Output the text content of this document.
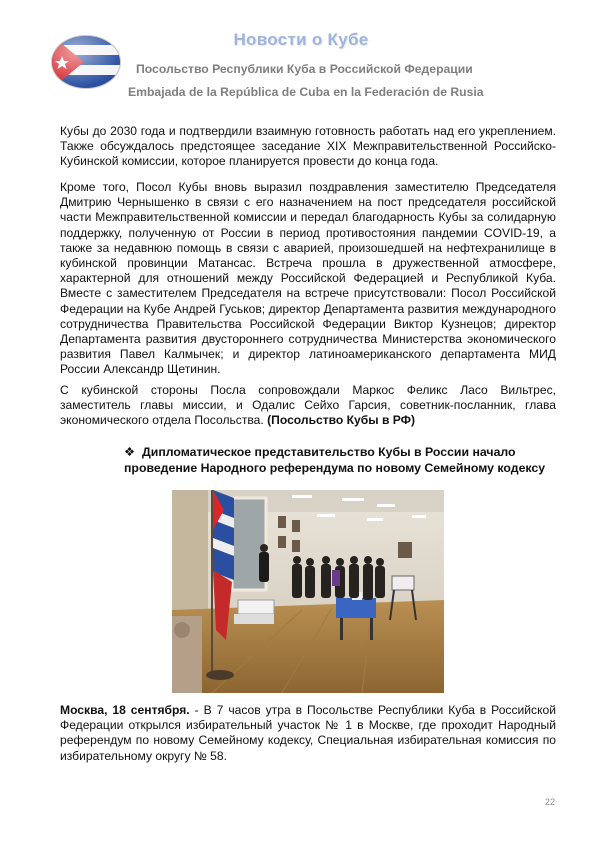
Новости о Кубе
Посольство Республики Куба в Российской Федерации
Embajada de la República de Cuba en la Federación de Rusia

Кубы до 2030 года и подтвердили взаимную готовность работать над его укреплением. Также обсуждалось предстоящее заседание XIX Межправительственной Российско-Кубинской комиссии, которое планируется провести до конца года.

Кроме того, Посол Кубы вновь выразил поздравления заместителю Председателя Дмитрию Чернышенко в связи с его назначением на пост председателя российской части Межправительственной комиссии и передал благодарность Кубы за солидарную поддержку, полученную от России в период противостояния пандемии COVID-19, а также за недавнюю помощь в связи с аварией, произошедшей на нефтехранилище в кубинской провинции Матансас. Встреча прошла в дружественной атмосфере, характерной для отношений между Российской Федерацией и Республикой Куба. Вместе с заместителем Председателя на встрече присутствовали: Посол Российской Федерации на Кубе Андрей Гуськов; директор Департамента развития международного сотрудничества Правительства Российской Федерации Виктор Кузнецов; директор Департамента развития двустороннего сотрудничества Министерства экономического развития Павел Калмычек; и директор латиноамериканского департамента МИД России Александр Щетинин.

С кубинской стороны Посла сопровождали Маркос Феликс Ласо Вильтрес, заместитель главы миссии, и Одалис Сейхо Гарсия, советник-посланник, глава экономического отдела Посольства. (Посольство Кубы в РФ)

❖ Дипломатическое представительство Кубы в России начало
проведение Народного референдума по новому Семейному кодексу

Москва, 18 сентября. - В 7 часов утра в Посольстве Республики Куба в Российской Федерации открылся избирательный участок № 1 в Москве, где проходит Народный референдум по новому Семейному кодексу, Специальная избирательная комиссия по избирательному округу № 58.

22
